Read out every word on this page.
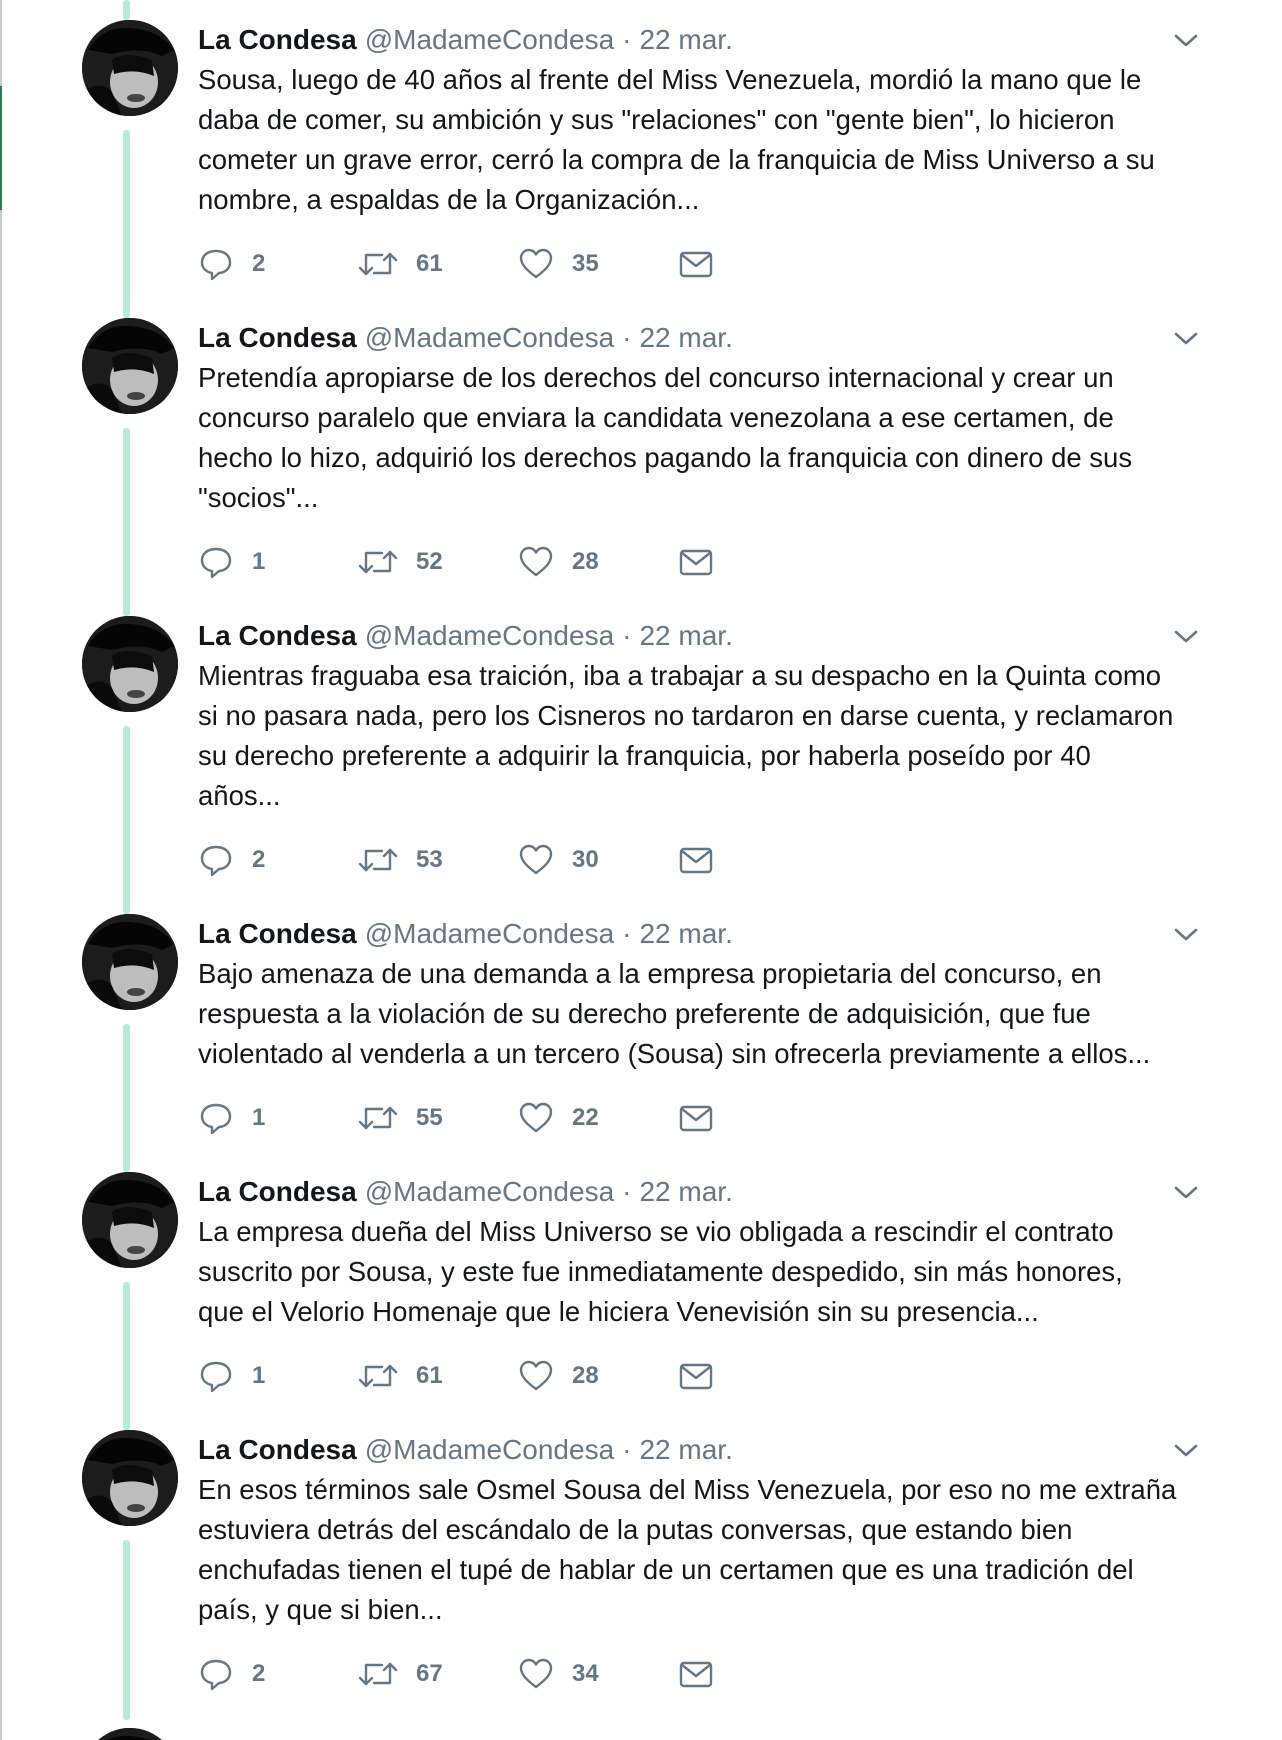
La Condesa @MadameCondesa · 22 mar.
Sousa, luego de 40 años al frente del Miss Venezuela, mordió la mano que le
daba de comer, su ambición y sus "relaciones" con "gente bien", lo hicieron
cometer un grave error, cerró la compra de la franquicia de Miss Universo a su
nombre, a espaldas de la Organización...
2	61	35
La Condesa @MadameCondesa · 22 mar.
Pretendía apropiarse de los derechos del concurso internacional y crear un
concurso paralelo que enviara la candidata venezolana a ese certamen, de
hecho lo hizo, adquirió los derechos pagando la franquicia con dinero de sus
"socios"...
1	52	28
La Condesa @MadameCondesa · 22 mar.
Mientras fraguaba esa traición, iba a trabajar a su despacho en la Quinta como
si no pasara nada, pero los Cisneros no tardaron en darse cuenta, y reclamaron
su derecho preferente a adquirir la franquicia, por haberla poseído por 40
años...
2	53	30
La Condesa @MadameCondesa · 22 mar.
Bajo amenaza de una demanda a la empresa propietaria del concurso, en
respuesta a la violación de su derecho preferente de adquisición, que fue
violentado al venderla a un tercero (Sousa) sin ofrecerla previamente a ellos...
1	55	22
La Condesa @MadameCondesa · 22 mar.
La empresa dueña del Miss Universo se vio obligada a rescindir el contrato
suscrito por Sousa, y este fue inmediatamente despedido, sin más honores,
que el Velorio Homenaje que le hiciera Venevisión sin su presencia...
1	61	28
La Condesa @MadameCondesa · 22 mar.
En esos términos sale Osmel Sousa del Miss Venezuela, por eso no me extraña
estuviera detrás del escándalo de la putas conversas, que estando bien
enchufadas tienen el tupé de hablar de un certamen que es una tradición del
país, y que si bien...
2	67	34
